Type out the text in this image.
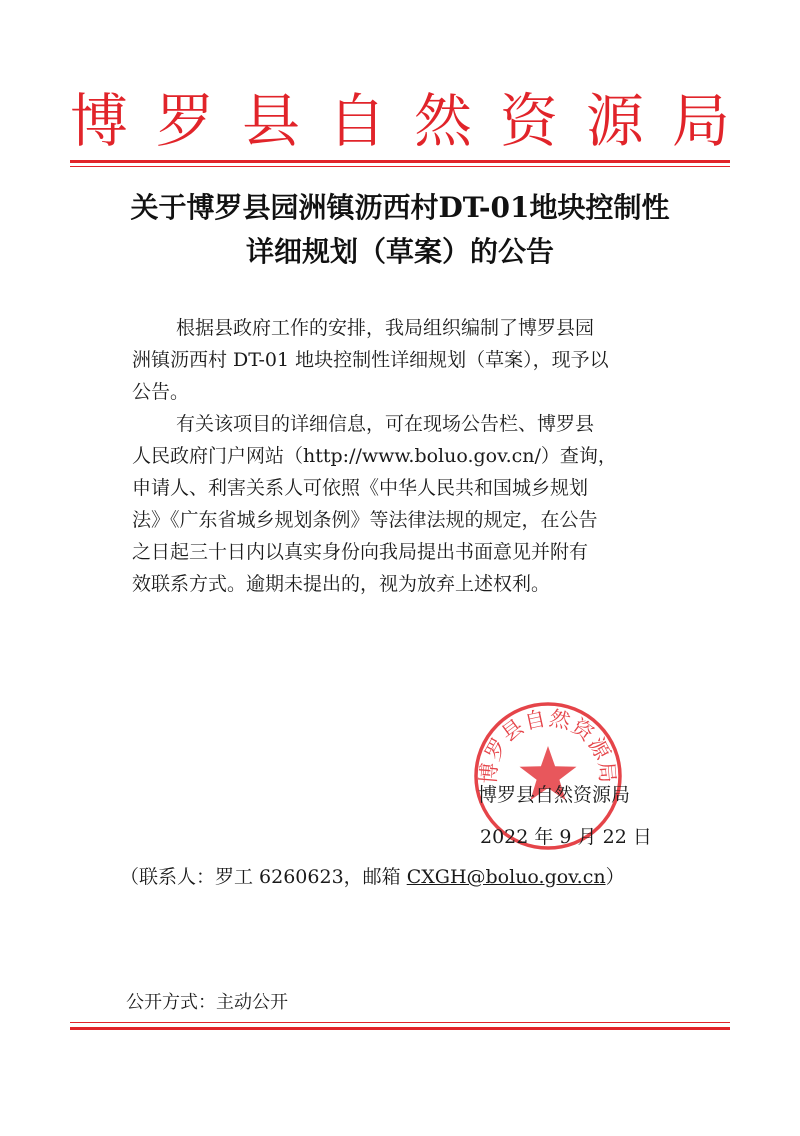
博 罗 县 自 然 资 源 局
关于博罗县园洲镇沥西村DT-01地块控制性
详细规划（草案）的公告
根据县政府工作的安排，我局组织编制了博罗县园
洲镇沥西村 DT-01 地块控制性详细规划（草案），现予以
公告。
有关该项目的详细信息，可在现场公告栏、博罗县
人民政府门户网站（http://www.boluo.gov.cn/）查询，
申请人、利害关系人可依照《中华人民共和国城乡规划
法》《广东省城乡规划条例》等法律法规的规定，在公告
之日起三十日内以真实身份向我局提出书面意见并附有
效联系方式。逾期未提出的，视为放弃上述权利。
博罗县自然资源局
博罗县自然资源局
2022 年 9 月 22 日
（联系人：罗工 6260623，邮箱 CXGH@boluo.gov.cn）
公开方式：主动公开
